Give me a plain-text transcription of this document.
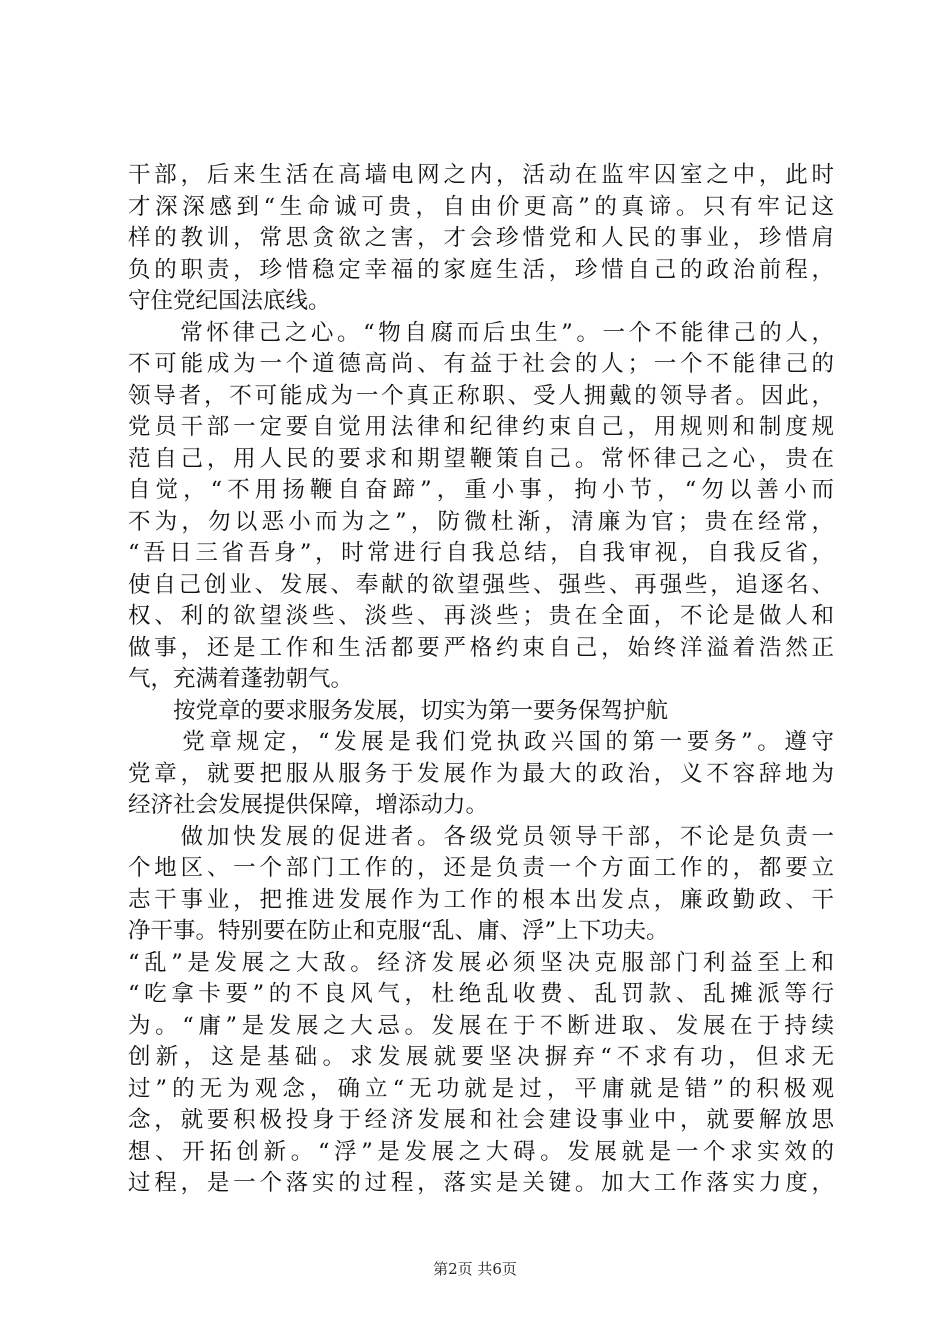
干部，后来生活在高墙电网之内，活动在监牢囚室之中，此时
才深深感到“生命诚可贵，自由价更高”的真谛。只有牢记这
样的教训，常思贪欲之害，才会珍惜党和人民的事业，珍惜肩
负的职责，珍惜稳定幸福的家庭生活，珍惜自己的政治前程，
守住党纪国法底线。
　　常怀律己之心。“物自腐而后虫生”。一个不能律己的人，
不可能成为一个道德高尚、有益于社会的人；一个不能律己的
领导者，不可能成为一个真正称职、受人拥戴的领导者。因此，
党员干部一定要自觉用法律和纪律约束自己，用规则和制度规
范自己，用人民的要求和期望鞭策自己。常怀律己之心，贵在
自觉，“不用扬鞭自奋蹄”，重小事，拘小节，“勿以善小而
不为，勿以恶小而为之”，防微杜渐，清廉为官；贵在经常，
“吾日三省吾身”，时常进行自我总结，自我审视，自我反省，
使自己创业、发展、奉献的欲望强些、强些、再强些，追逐名、
权、利的欲望淡些、淡些、再淡些；贵在全面，不论是做人和
做事，还是工作和生活都要严格约束自己，始终洋溢着浩然正
气，充满着蓬勃朝气。
　　按党章的要求服务发展，切实为第一要务保驾护航
　　党章规定，“发展是我们党执政兴国的第一要务”。遵守
党章，就要把服从服务于发展作为最大的政治，义不容辞地为
经济社会发展提供保障，增添动力。
　　做加快发展的促进者。各级党员领导干部，不论是负责一
个地区、一个部门工作的，还是负责一个方面工作的，都要立
志干事业，把推进发展作为工作的根本出发点，廉政勤政、干
净干事。特别要在防止和克服“乱、庸、浮”上下功夫。
“乱”是发展之大敌。经济发展必须坚决克服部门利益至上和
“吃拿卡要”的不良风气，杜绝乱收费、乱罚款、乱摊派等行
为。“庸”是发展之大忌。发展在于不断进取、发展在于持续
创新，这是基础。求发展就要坚决摒弃“不求有功，但求无
过”的无为观念，确立“无功就是过，平庸就是错”的积极观
念，就要积极投身于经济发展和社会建设事业中，就要解放思
想、开拓创新。“浮”是发展之大碍。发展就是一个求实效的
过程，是一个落实的过程，落实是关键。加大工作落实力度，
第2页 共6页
